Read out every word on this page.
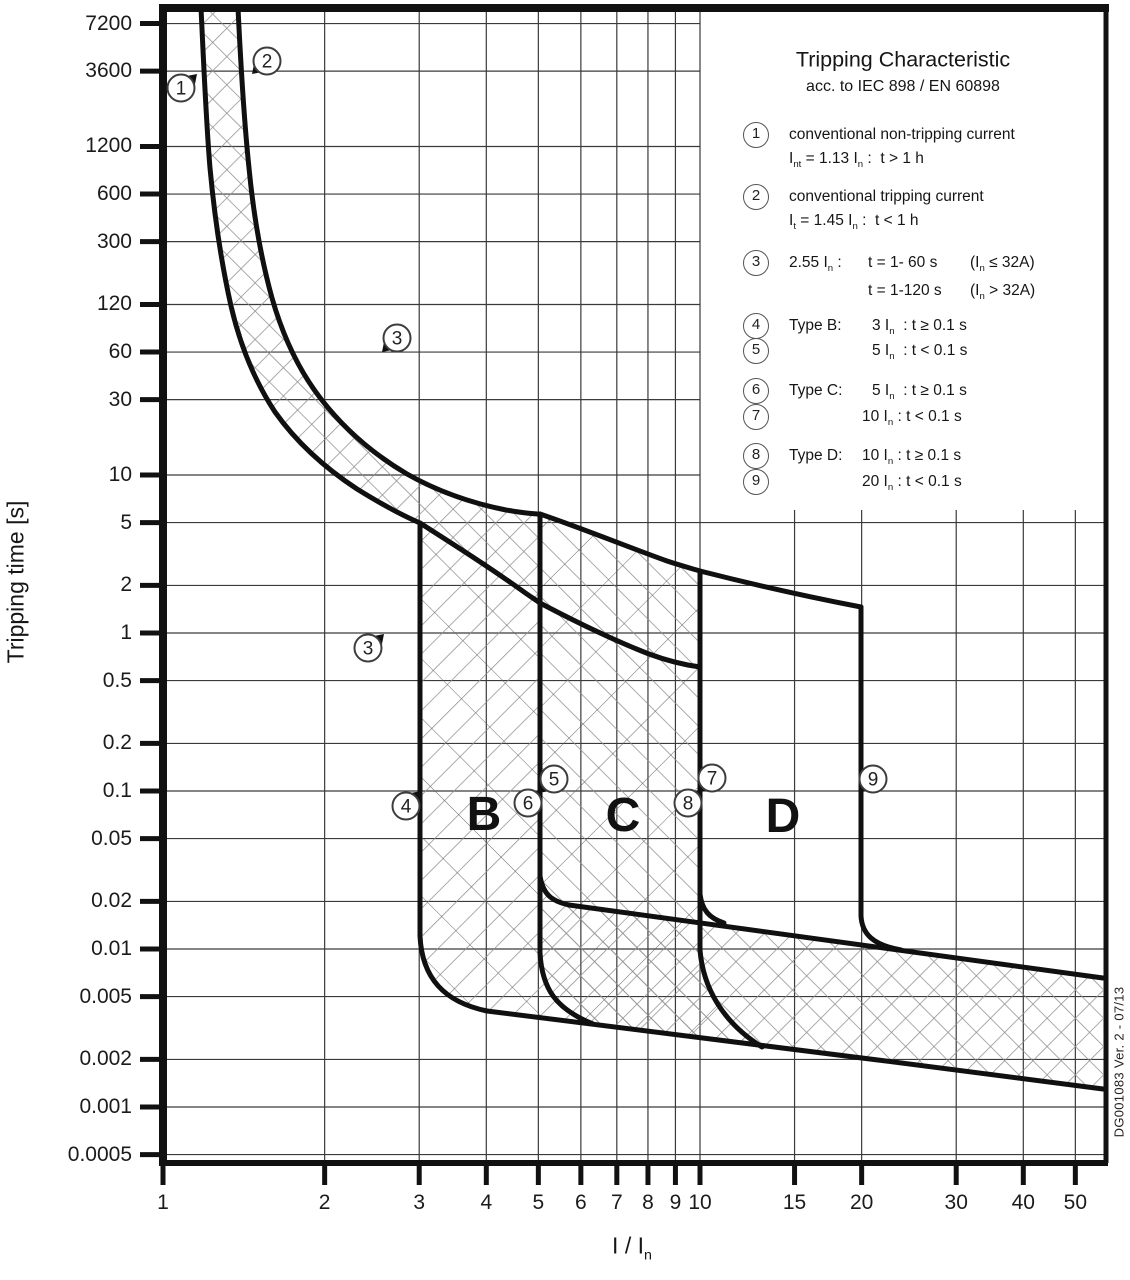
B C	D
1
2
3
3
4
5
6
7
8
9
7200
3600
1200
600
300
120
60
30
10
5
2
1
0.5
0.2
0.1
0.05
0.02
0.01
0.005
0.002
0.001
0.0005
1	2	3	4	5	6	7 8 9 10	15	20	30	40	50
Tripping time [s]
I / $I_n$
Tripping Characteristic
acc. to IEC 898 / EN 60898
1	conventional non-tripping current
$I_{nt} = 1.13$ $I_n$ :  t > 1 h
2	conventional tripping current
$I_t = 1.45$ $I_n$ :  t < 1 h
3	2.55 $I_n$ : t = 1- 60 s $(I_n \le 32A)$
t = 1-120 s $(I_n > 32A)$
4	Type B: 3 $I_n$  : t ≥ 0.1 s
5	5 $I_n$  : t < 0.1 s
6	Type C: 5 $I_n$  : t ≥ 0.1 s
7	10 $I_n$ : t < 0.1 s
8	Type D: 10 $I_n$ : t ≥ 0.1 s
9	20 $I_n$ : t < 0.1 s
DG001083 Ver. 2 - 07/13
